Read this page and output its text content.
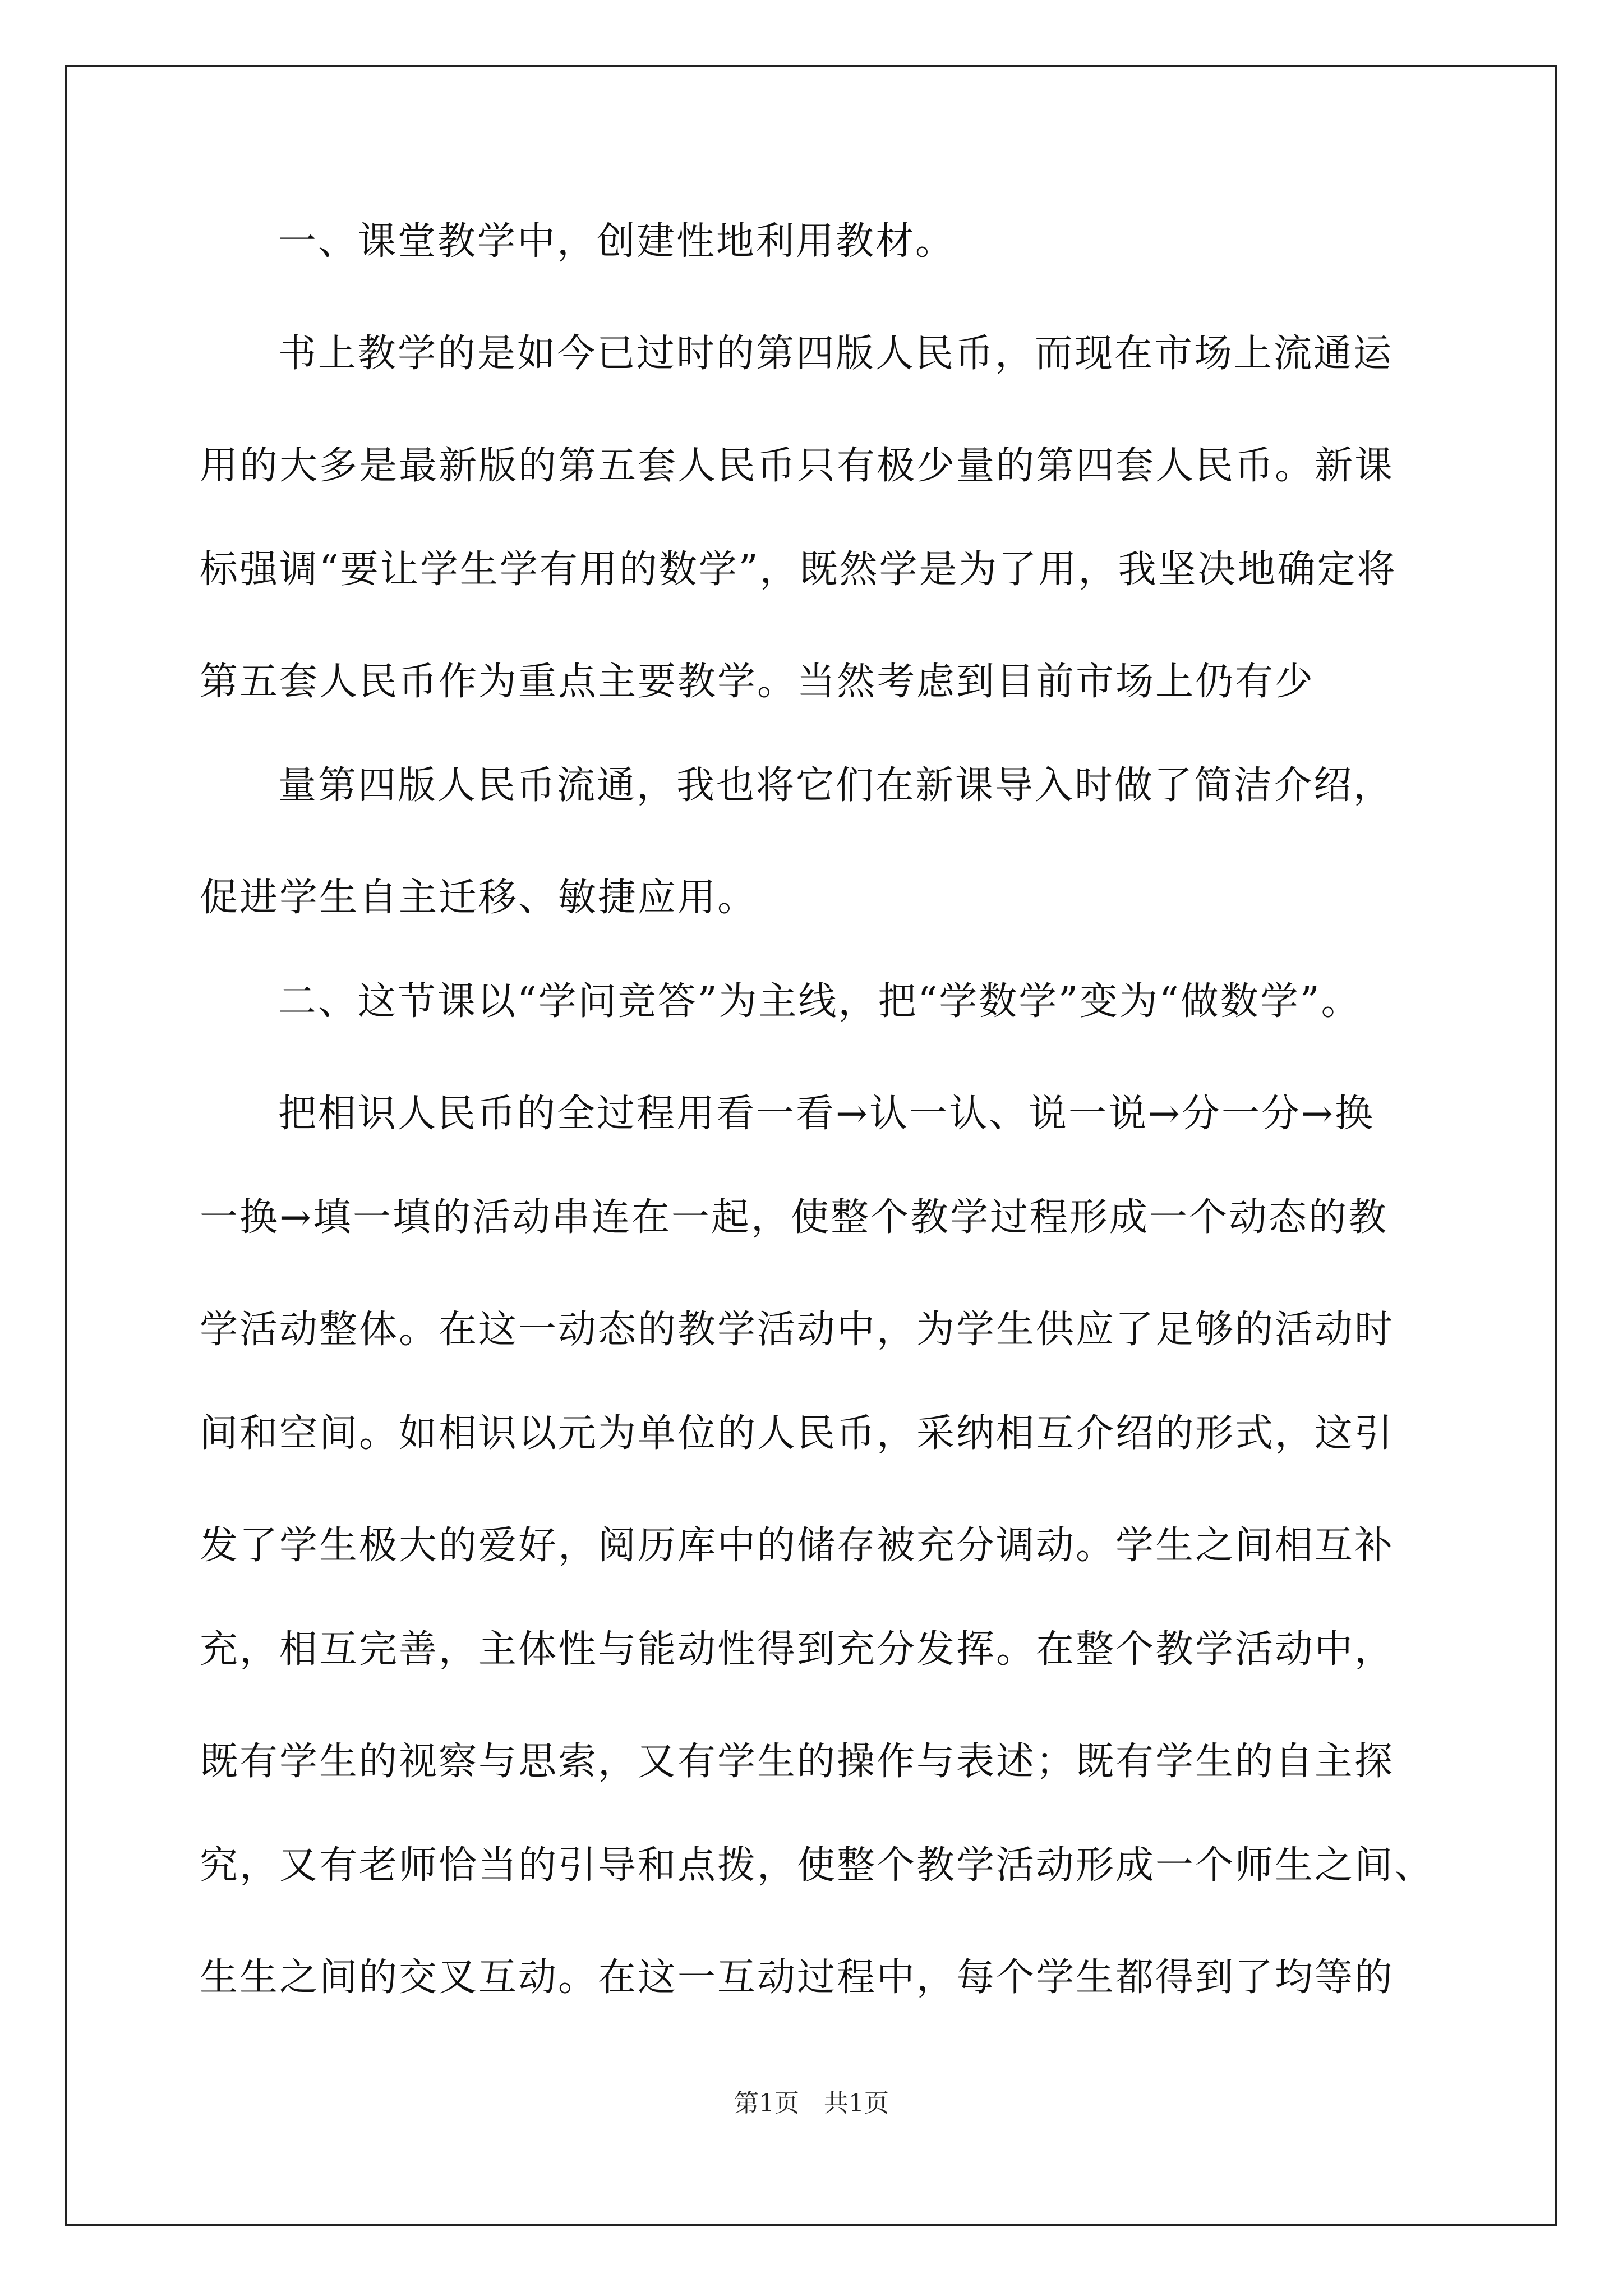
一、课堂教学中，创建性地利用教材。
书上教学的是如今已过时的第四版人民币，而现在市场上流通运
用的大多是最新版的第五套人民币只有极少量的第四套人民币。新课
标强调“要让学生学有用的数学”，既然学是为了用，我坚决地确定将
第五套人民币作为重点主要教学。当然考虑到目前市场上仍有少
量第四版人民币流通，我也将它们在新课导入时做了简洁介绍，
促进学生自主迁移、敏捷应用。
二、这节课以“学问竞答”为主线，把“学数学”变为“做数学”。
把相识人民币的全过程用看一看→认一认、说一说→分一分→换
一换→填一填的活动串连在一起，使整个教学过程形成一个动态的教
学活动整体。在这一动态的教学活动中，为学生供应了足够的活动时
间和空间。如相识以元为单位的人民币，采纳相互介绍的形式，这引
发了学生极大的爱好，阅历库中的储存被充分调动。学生之间相互补
充，相互完善，主体性与能动性得到充分发挥。在整个教学活动中，
既有学生的视察与思索，又有学生的操作与表述；既有学生的自主探
究，又有老师恰当的引导和点拨，使整个教学活动形成一个师生之间、
生生之间的交叉互动。在这一互动过程中，每个学生都得到了均等的
第1页　共1页
